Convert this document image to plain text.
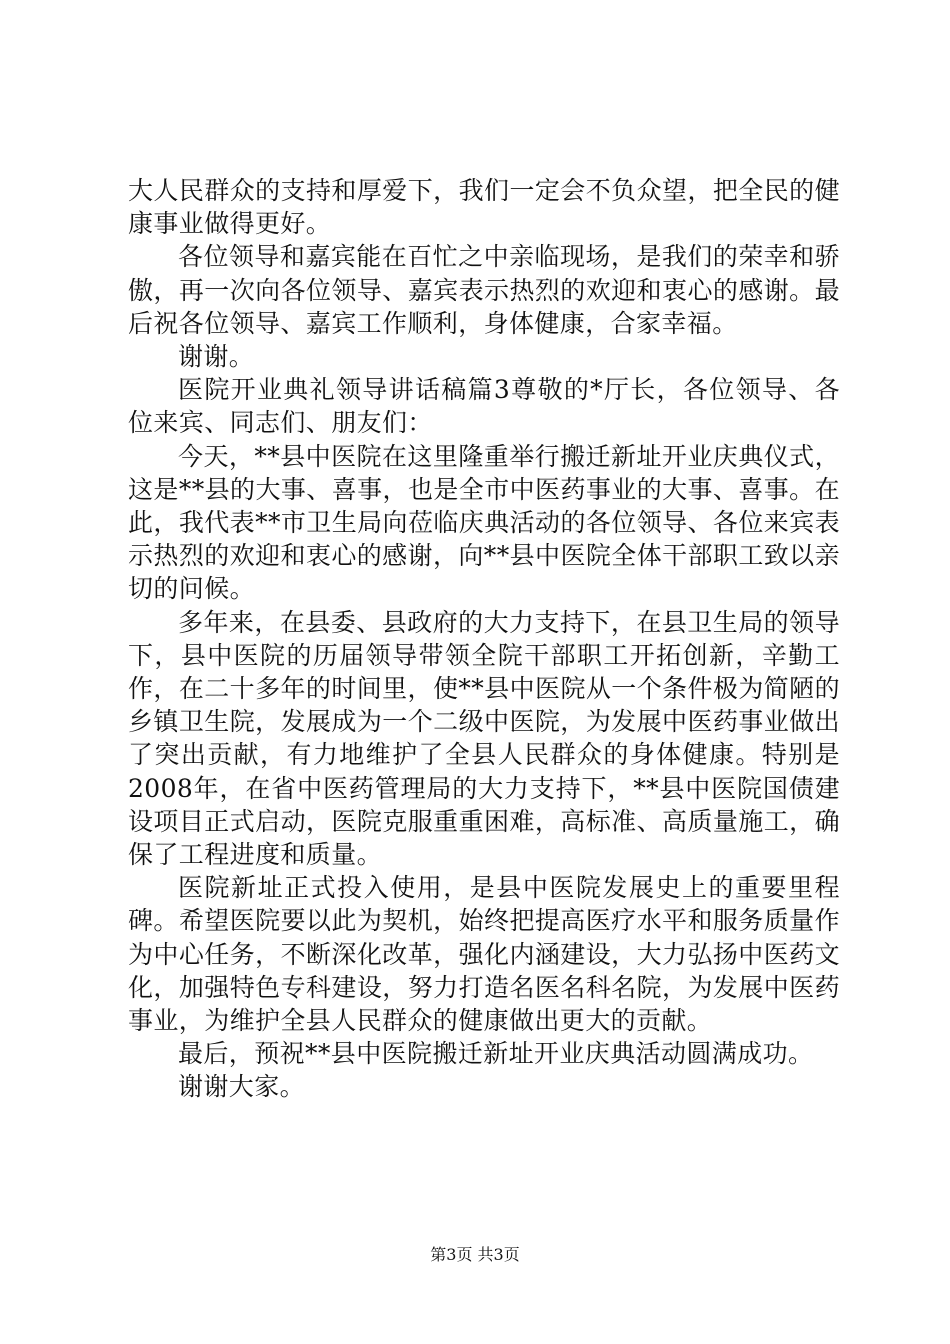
大人民群众的支持和厚爱下，我们一定会不负众望，把全民的健康事业做得更好。

各位领导和嘉宾能在百忙之中亲临现场，是我们的荣幸和骄傲，再一次向各位领导、嘉宾表示热烈的欢迎和衷心的感谢。最后祝各位领导、嘉宾工作顺利，身体健康，合家幸福。

谢谢。

医院开业典礼领导讲话稿篇3尊敬的*厅长，各位领导、各位来宾、同志们、朋友们：

今天，**县中医院在这里隆重举行搬迁新址开业庆典仪式，这是**县的大事、喜事，也是全市中医药事业的大事、喜事。在此，我代表**市卫生局向莅临庆典活动的各位领导、各位来宾表示热烈的欢迎和衷心的感谢，向**县中医院全体干部职工致以亲切的问候。

多年来，在县委、县政府的大力支持下，在县卫生局的领导下，县中医院的历届领导带领全院干部职工开拓创新，辛勤工作，在二十多年的时间里，使**县中医院从一个条件极为简陋的乡镇卫生院，发展成为一个二级中医院，为发展中医药事业做出了突出贡献，有力地维护了全县人民群众的身体健康。特别是2008年，在省中医药管理局的大力支持下，**县中医院国债建设项目正式启动，医院克服重重困难，高标准、高质量施工，确保了工程进度和质量。

医院新址正式投入使用，是县中医院发展史上的重要里程碑。希望医院要以此为契机，始终把提高医疗水平和服务质量作为中心任务，不断深化改革，强化内涵建设，大力弘扬中医药文化，加强特色专科建设，努力打造名医名科名院，为发展中医药事业，为维护全县人民群众的健康做出更大的贡献。

最后，预祝**县中医院搬迁新址开业庆典活动圆满成功。

谢谢大家。

第3页 共3页
